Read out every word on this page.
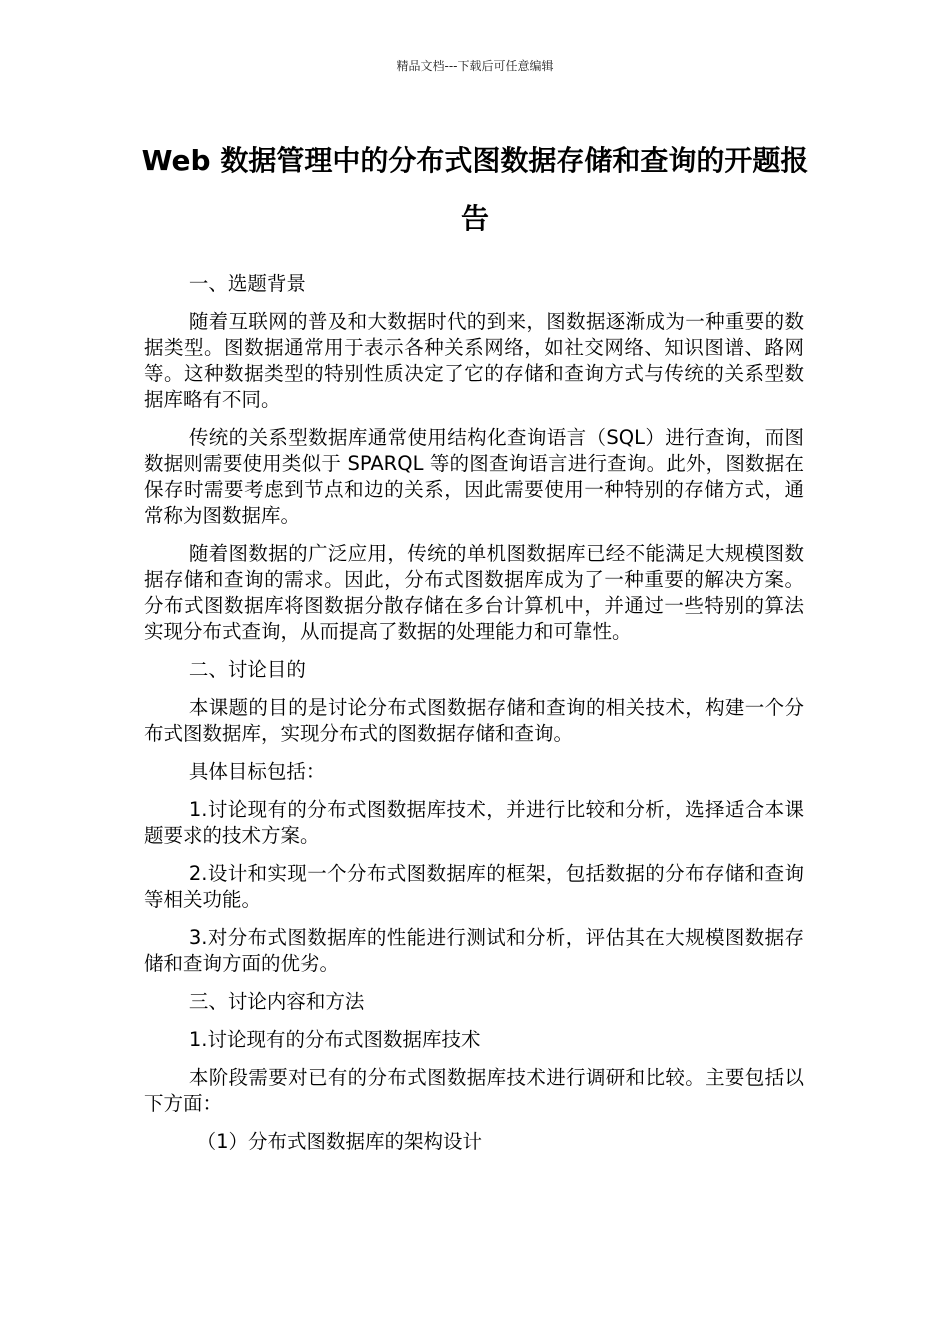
精品文档---下载后可任意编辑
Web 数据管理中的分布式图数据存储和查询的开题报告

一、选题背景

随着互联网的普及和大数据时代的到来，图数据逐渐成为一种重要的数据类型。图数据通常用于表示各种关系网络，如社交网络、知识图谱、路网等。这种数据类型的特别性质决定了它的存储和查询方式与传统的关系型数据库略有不同。

传统的关系型数据库通常使用结构化查询语言（SQL）进行查询，而图数据则需要使用类似于 SPARQL 等的图查询语言进行查询。此外，图数据在保存时需要考虑到节点和边的关系，因此需要使用一种特别的存储方式，通常称为图数据库。

随着图数据的广泛应用，传统的单机图数据库已经不能满足大规模图数据存储和查询的需求。因此，分布式图数据库成为了一种重要的解决方案。分布式图数据库将图数据分散存储在多台计算机中，并通过一些特别的算法实现分布式查询，从而提高了数据的处理能力和可靠性。

二、讨论目的

本课题的目的是讨论分布式图数据存储和查询的相关技术，构建一个分布式图数据库，实现分布式的图数据存储和查询。

具体目标包括：

1.讨论现有的分布式图数据库技术，并进行比较和分析，选择适合本课题要求的技术方案。

2.设计和实现一个分布式图数据库的框架，包括数据的分布存储和查询等相关功能。

3.对分布式图数据库的性能进行测试和分析，评估其在大规模图数据存储和查询方面的优劣。

三、讨论内容和方法

1.讨论现有的分布式图数据库技术

本阶段需要对已有的分布式图数据库技术进行调研和比较。主要包括以下方面：

（1）分布式图数据库的架构设计
